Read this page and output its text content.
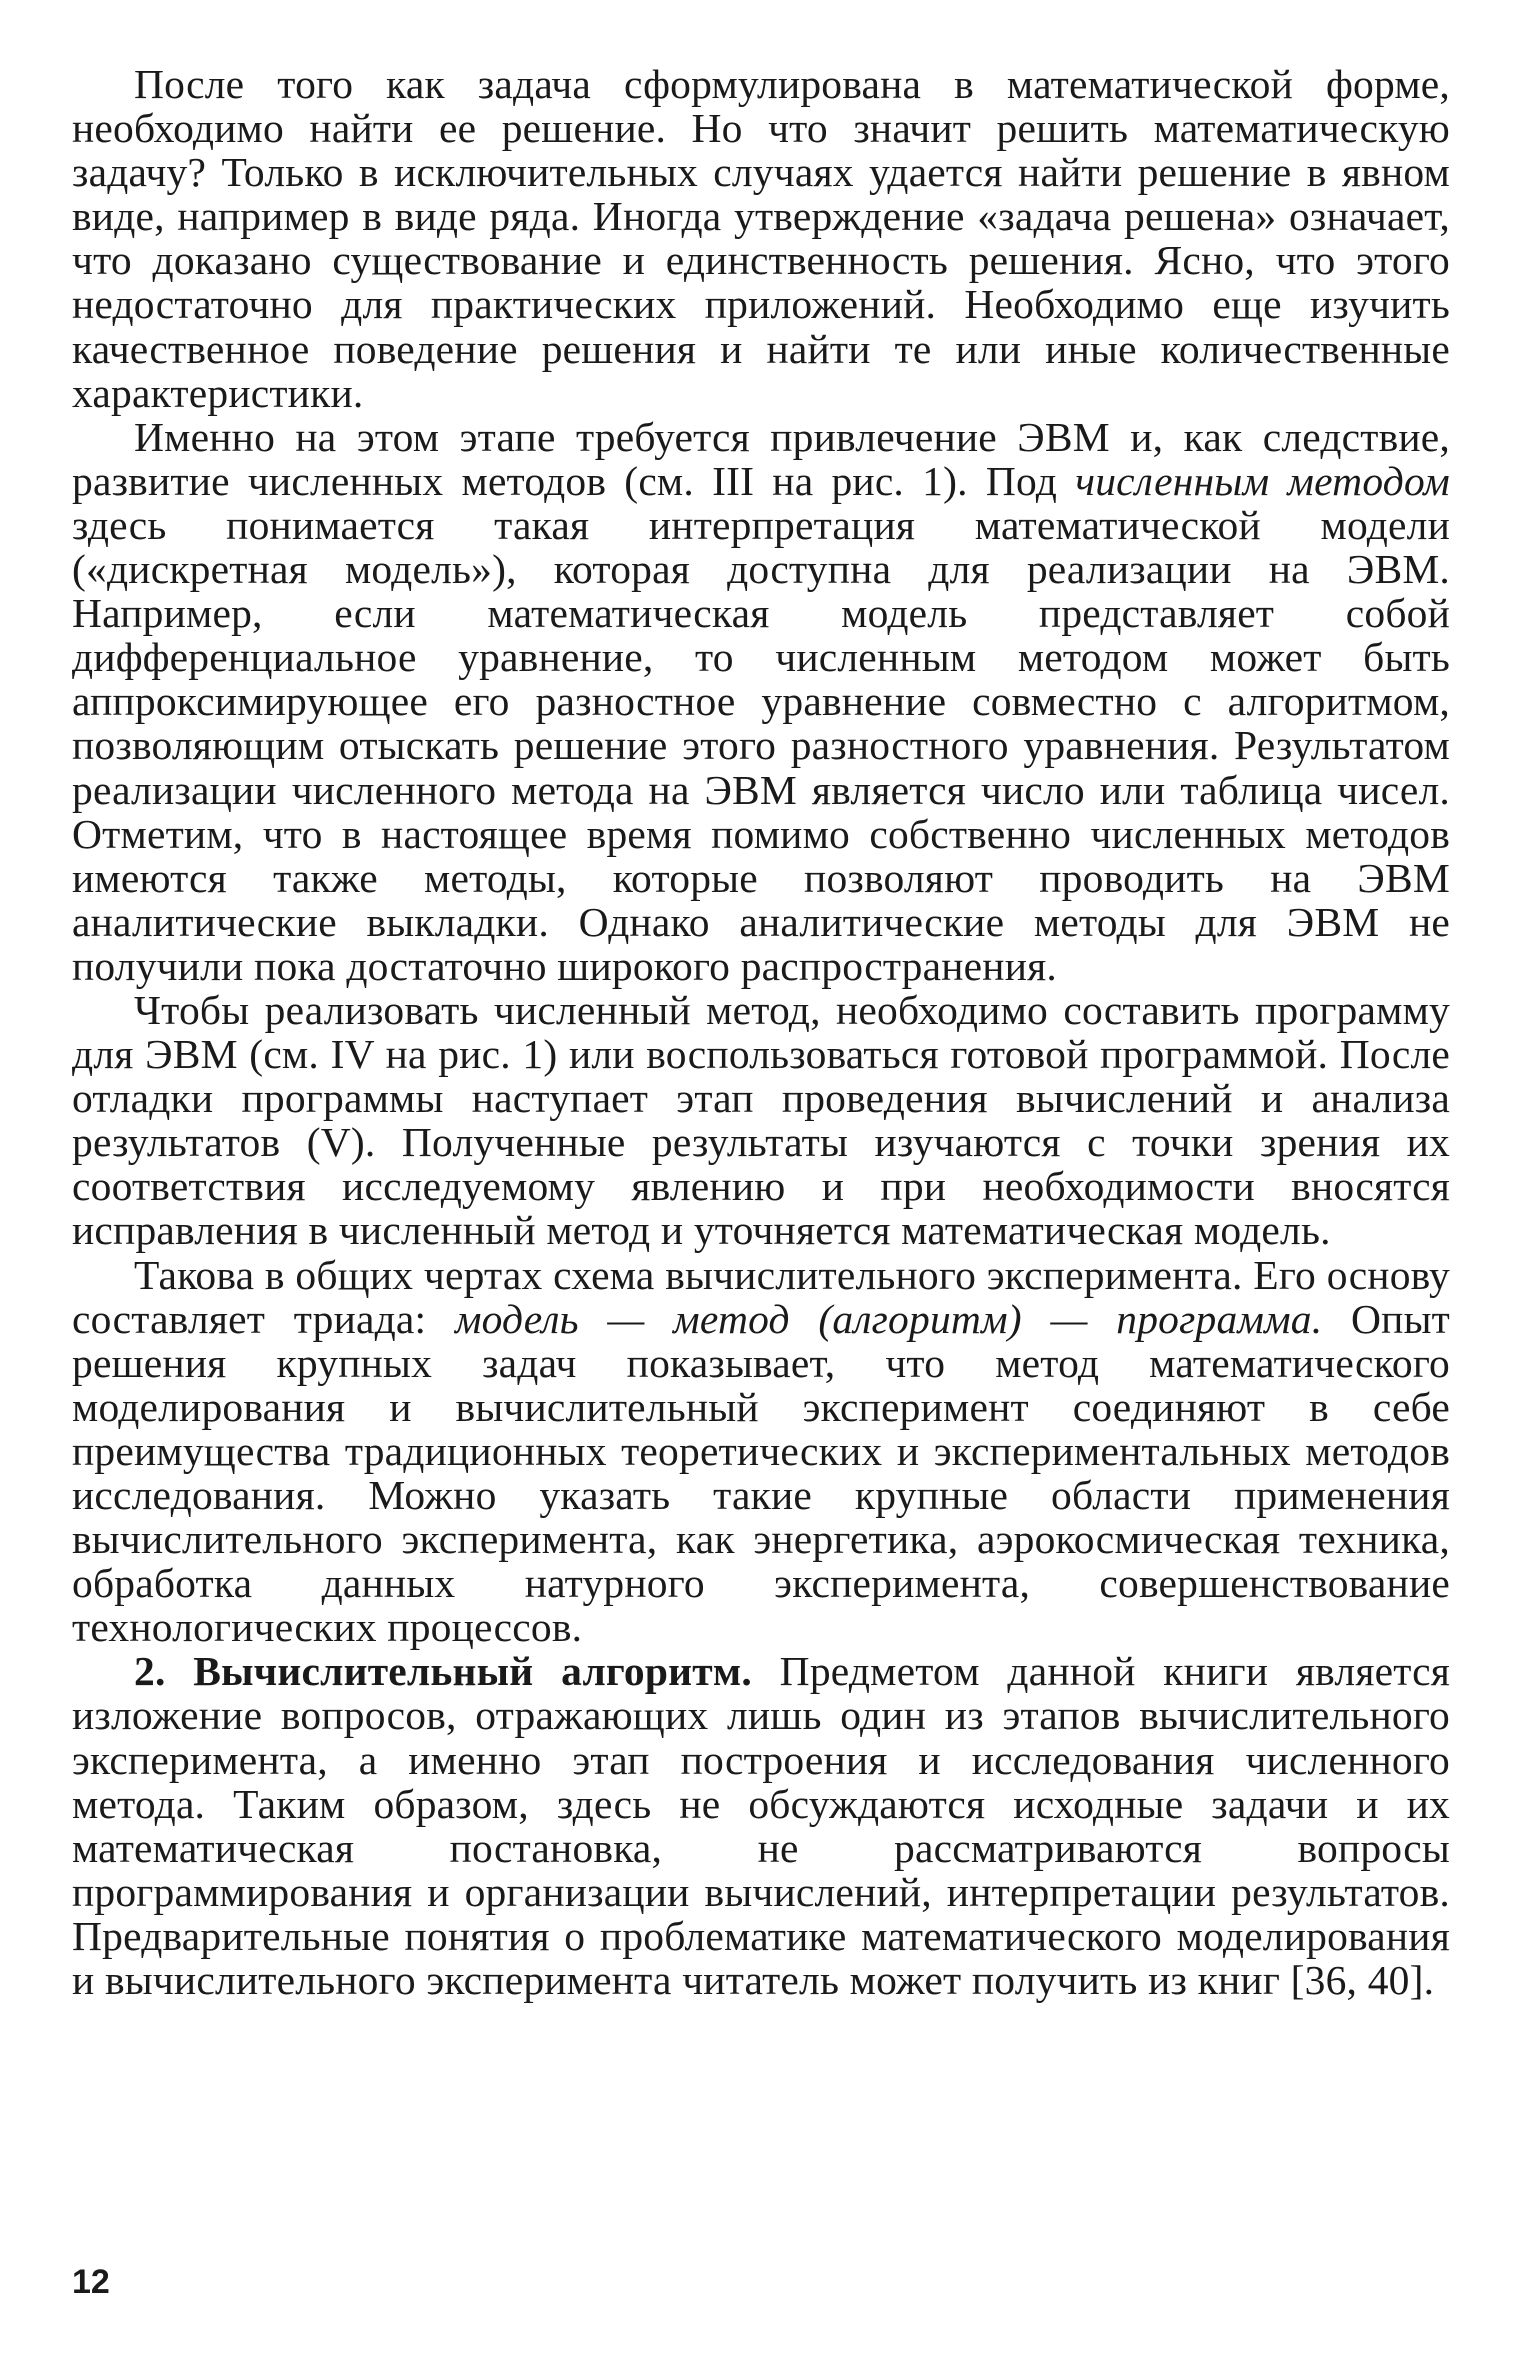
После того как задача сформулирована в математической форме, необходимо найти ее решение. Но что значит решить математическую задачу? Только в исключительных случаях удается найти решение в явном виде, например в виде ряда. Иногда утверждение «задача решена» означает, что доказано существование и единственность решения. Ясно, что этого недостаточно для практических приложений. Необходимо еще изучить качественное поведение решения и найти те или иные количественные характеристики.

Именно на этом этапе требуется привлечение ЭВМ и, как следствие, развитие численных методов (см. III на рис. 1). Под численным методом здесь понимается такая интерпретация математической модели («дискретная модель»), которая доступна для реализации на ЭВМ. Например, если математическая модель представляет собой дифференциальное уравнение, то численным методом может быть аппроксимирующее его разностное уравнение совместно с алгоритмом, позволяющим отыскать решение этого разностного уравнения. Результатом реализации численного метода на ЭВМ является число или таблица чисел. Отметим, что в настоящее время помимо собственно численных методов имеются также методы, которые позволяют проводить на ЭВМ аналитические выкладки. Однако аналитические методы для ЭВМ не получили пока достаточно широкого распространения.

Чтобы реализовать численный метод, необходимо составить программу для ЭВМ (см. IV на рис. 1) или воспользоваться готовой программой. После отладки программы наступает этап проведения вычислений и анализа результатов (V). Полученные результаты изучаются с точки зрения их соответствия исследуемому явлению и при необходимости вносятся исправления в численный метод и уточняется математическая модель.

Такова в общих чертах схема вычислительного эксперимента. Его основу составляет триада: модель — метод (алгоритм) — программа. Опыт решения крупных задач показывает, что метод математического моделирования и вычислительный эксперимент соединяют в себе преимущества традиционных теоретических и экспериментальных методов исследования. Можно указать такие крупные области применения вычислительного эксперимента, как энергетика, аэрокосмическая техника, обработка данных натурного эксперимента, совершенствование технологических процессов.

2. Вычислительный алгоритм. Предметом данной книги является изложение вопросов, отражающих лишь один из этапов вычислительного эксперимента, а именно этап построения и исследования численного метода. Таким образом, здесь не обсуждаются исходные задачи и их математическая постановка, не рассматриваются вопросы программирования и организации вычислений, интерпретации результатов. Предварительные понятия о проблематике математического моделирования и вычислительного эксперимента читатель может получить из книг [36, 40].

12
